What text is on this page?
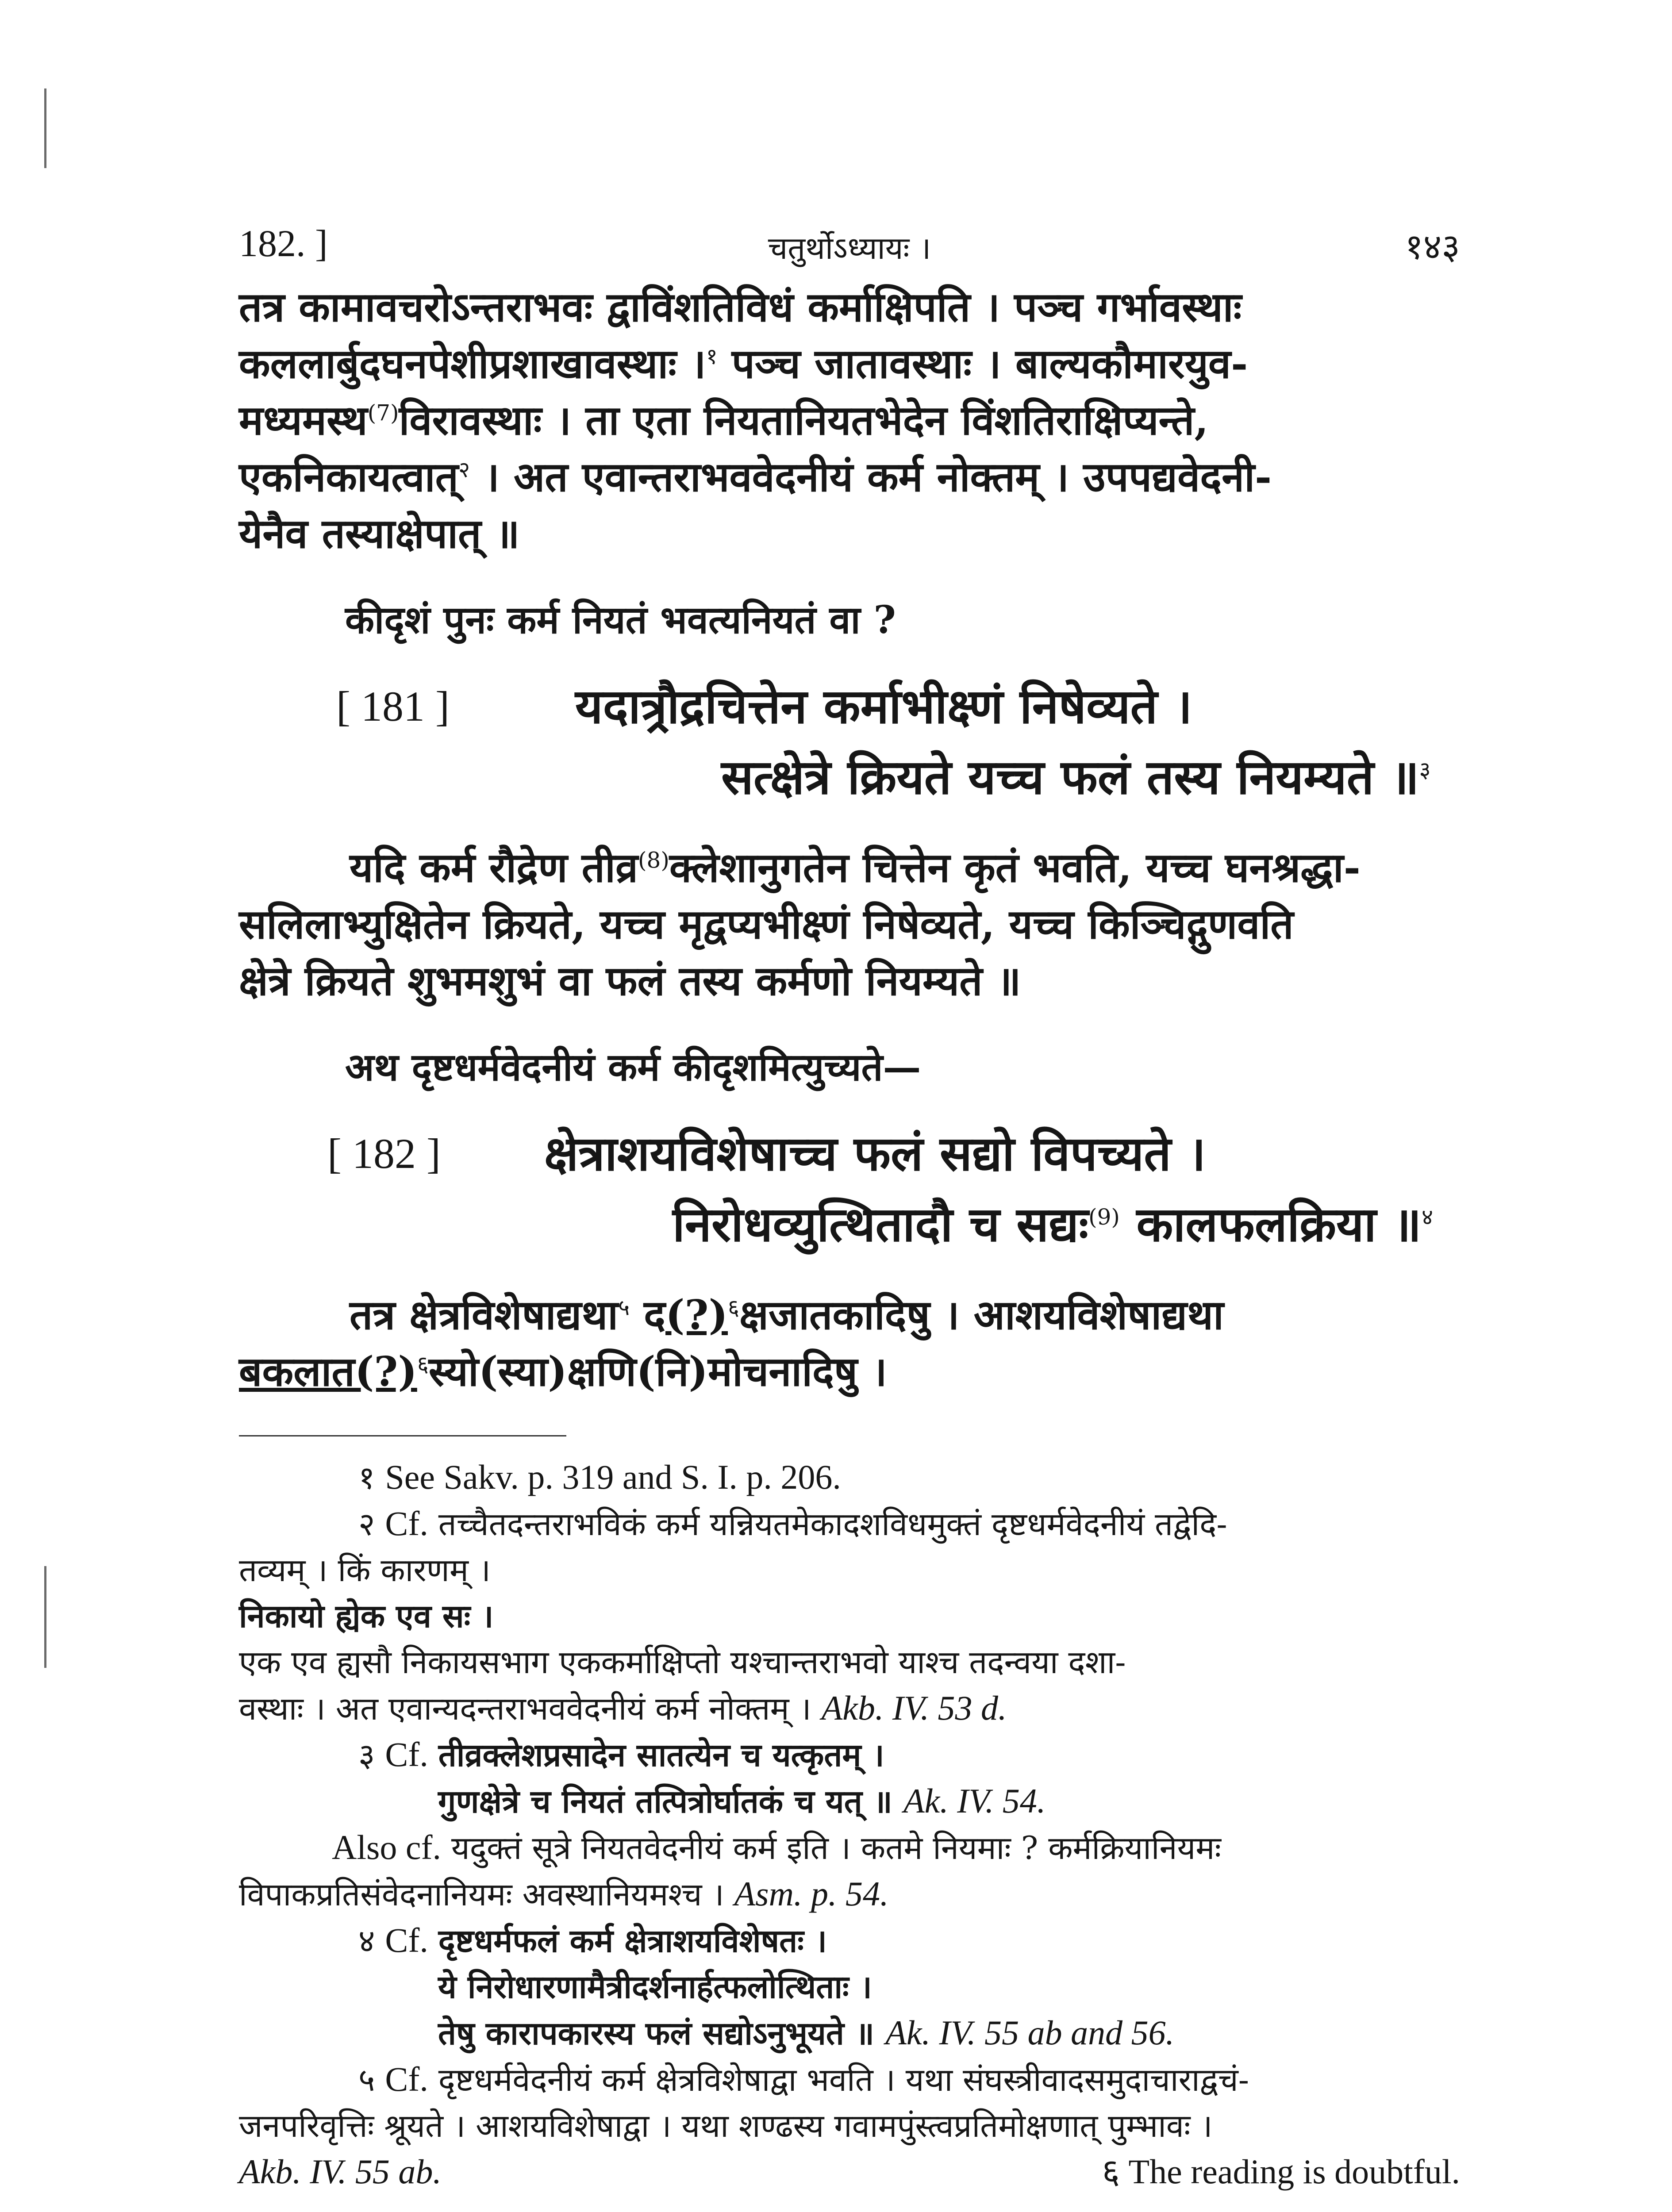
182. ]	चतुर्थोऽध्यायः ।	१४३
तत्र कामावचरोऽन्तराभवः द्वाविंशतिविधं कर्माक्षिपति । पञ्च गर्भावस्थाः
कललार्बुदघनपेशीप्रशाखावस्थाः ।$^१$ पञ्च जातावस्थाः । बाल्यकौमारयुव-
मध्यमस्थ$^{(7)}$विरावस्थाः । ता एता नियतानियतभेदेन विंशतिराक्षिप्यन्ते,
एकनिकायत्वात्$^२$ । अत एवान्तराभववेदनीयं कर्म नोक्तम् । उपपद्यवेदनी-
येनैव तस्याक्षेपात् ॥
कीदृशं पुनः कर्म नियतं भवत्यनियतं वा ?
[ 181 ]	यदात्र्रौद्रचित्तेन कर्माभीक्ष्णं निषेव्यते ।
सत्क्षेत्रे क्रियते यच्च फलं तस्य नियम्यते ॥$^३$
यदि कर्म रौद्रेण तीव्र$^{(8)}$क्लेशानुगतेन चित्तेन कृतं भवति, यच्च घनश्रद्धा-
सलिलाभ्युक्षितेन क्रियते, यच्च मृद्वप्यभीक्ष्णं निषेव्यते, यच्च किञ्चिद्गुणवति
क्षेत्रे क्रियते शुभमशुभं वा फलं तस्य कर्मणो नियम्यते ॥
अथ दृष्टधर्मवेदनीयं कर्म कीदृशमित्युच्यते—
[ 182 ] क्षेत्राशयविशेषाच्च फलं सद्यो विपच्यते ।
निरोधव्युत्थितादौ च सद्यः$^{(9)}$ कालफलक्रिया ॥$^४$
तत्र क्षेत्रविशेषाद्यथा$^५$ द(?)$^६$क्षजातकादिषु । आशयविशेषाद्यथा
बकलात(?)$^६$स्यो(स्या)क्षणि(नि)मोचनादिषु ।
१ See Sakv. p. 319 and S. I. p. 206.
२ Cf. तच्चैतदन्तराभविकं कर्म यन्नियतमेकादशविधमुक्तं दृष्टधर्मवेदनीयं तद्वेदि-
तव्यम् । किं कारणम् ।
निकायो ह्येक एव सः ।
एक एव ह्यसौ निकायसभाग एककर्माक्षिप्तो यश्चान्तराभवो याश्च तदन्वया दशा-
वस्थाः । अत एवान्यदन्तराभववेदनीयं कर्म नोक्तम् । Akb. IV. 53 d.
३ Cf. तीव्रक्लेशप्रसादेन सातत्येन च यत्कृतम् ।
गुणक्षेत्रे च नियतं तत्पित्रोर्घातकं च यत् ॥ Ak. IV. 54.
Also cf. यदुक्तं सूत्रे नियतवेदनीयं कर्म इति । कतमे नियमाः ? कर्मक्रियानियमः
विपाकप्रतिसंवेदनानियमः अवस्थानियमश्च । Asm. p. 54.
४ Cf. दृष्टधर्मफलं कर्म क्षेत्राशयविशेषतः ।
ये निरोधारणामैत्रीदर्शनार्हत्फलोत्थिताः ।
तेषु कारापकारस्य फलं सद्योऽनुभूयते ॥ Ak. IV. 55 ab and 56.
५ Cf. दृष्टधर्मवेदनीयं कर्म क्षेत्रविशेषाद्वा भवति । यथा संघस्त्रीवादसमुदाचाराद्वचं-
जनपरिवृत्तिः श्रूयते । आशयविशेषाद्वा । यथा शण्ढस्य गवामपुंस्त्वप्रतिमोक्षणात् पुम्भावः ।
Akb. IV. 55 ab.	६ The reading is doubtful.
